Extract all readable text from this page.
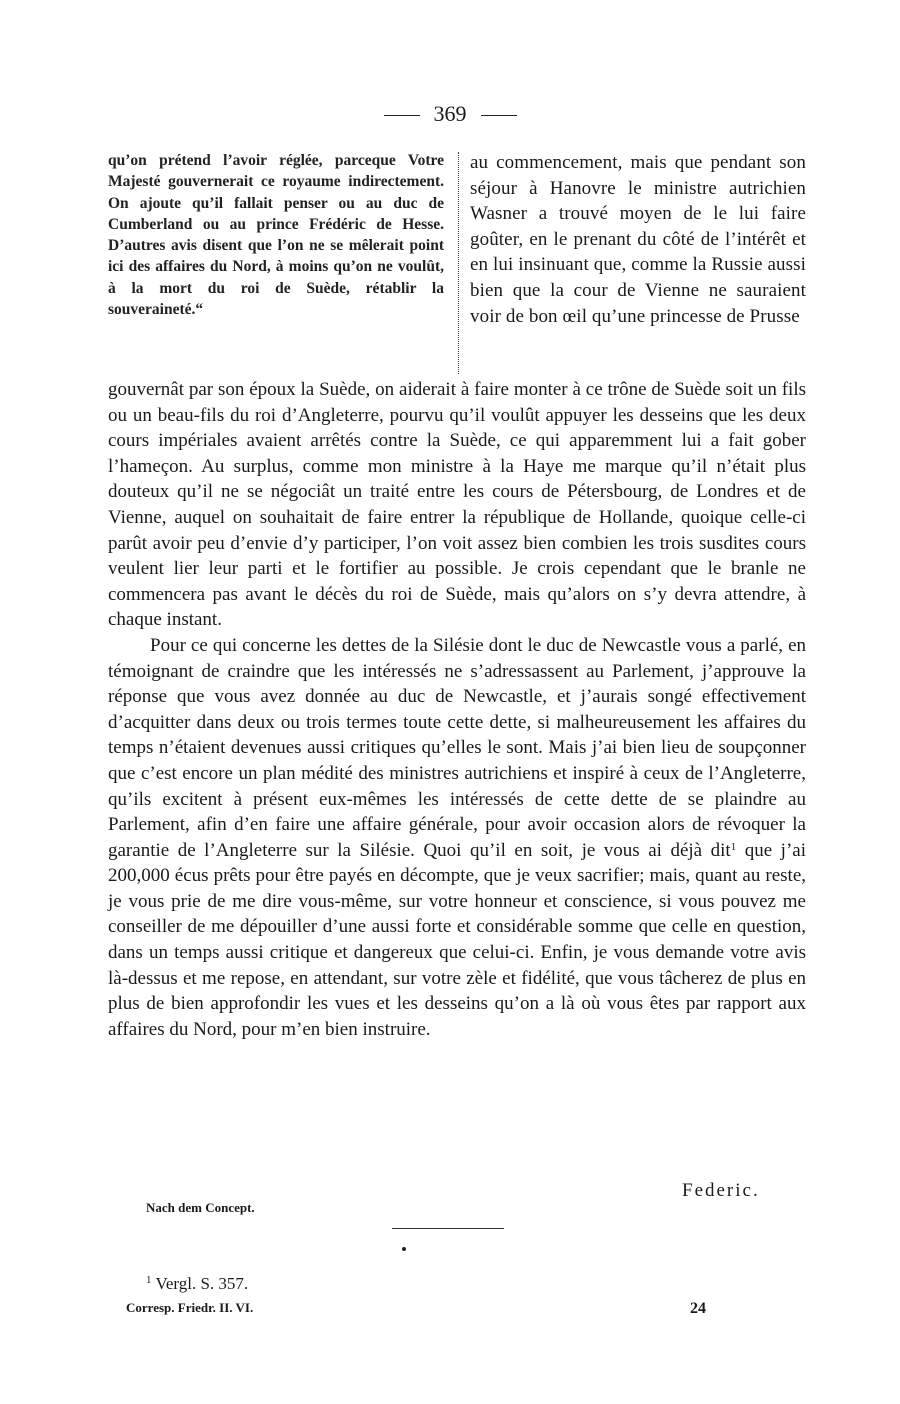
369

qu’on prétend l’avoir réglée, parceque Votre Majesté gouvernerait ce royaume indirectement. On ajoute qu’il fallait penser ou au duc de Cumberland ou au prince Frédéric de Hesse. D’autres avis disent que l’on ne se mêlerait point ici des affaires du Nord, à moins qu’on ne voulût, à la mort du roi de Suède, rétablir la souveraineté.“

au commencement, mais que pendant son séjour à Hanovre le ministre autrichien Wasner a trouvé moyen de le lui faire goûter, en le prenant du côté de l’intérêt et en lui insinuant que, comme la Russie aussi bien que la cour de Vienne ne sauraient voir de bon œil qu’une princesse de Prusse

gouvernât par son époux la Suède, on aiderait à faire monter à ce trône de Suède soit un fils ou un beau-fils du roi d’Angleterre, pourvu qu’il voulût appuyer les desseins que les deux cours impériales avaient arrêtés contre la Suède, ce qui apparemment lui a fait gober l’hameçon. Au surplus, comme mon ministre à la Haye me marque qu’il n’était plus douteux qu’il ne se négociât un traité entre les cours de Pétersbourg, de Londres et de Vienne, auquel on souhaitait de faire entrer la république de Hollande, quoique celle-ci parût avoir peu d’envie d’y participer, l’on voit assez bien combien les trois susdites cours veulent lier leur parti et le fortifier au possible. Je crois cependant que le branle ne commencera pas avant le décès du roi de Suède, mais qu’alors on s’y devra attendre, à chaque instant.

Pour ce qui concerne les dettes de la Silésie dont le duc de Newcastle vous a parlé, en témoignant de craindre que les intéressés ne s’adressassent au Parlement, j’approuve la réponse que vous avez donnée au duc de Newcastle, et j’aurais songé effectivement d’acquitter dans deux ou trois termes toute cette dette, si malheureusement les affaires du temps n’étaient devenues aussi critiques qu’elles le sont. Mais j’ai bien lieu de soupçonner que c’est encore un plan médité des ministres autrichiens et inspiré à ceux de l’Angleterre, qu’ils excitent à présent eux-mêmes les intéressés de cette dette de se plaindre au Parlement, afin d’en faire une affaire générale, pour avoir occasion alors de révoquer la garantie de l’Angleterre sur la Silésie. Quoi qu’il en soit, je vous ai déjà dit$^1$ que j’ai 200,000 écus prêts pour être payés en décompte, que je veux sacrifier; mais, quant au reste, je vous prie de me dire vous-même, sur votre honneur et conscience, si vous pouvez me conseiller de me dépouiller d’une aussi forte et considérable somme que celle en question, dans un temps aussi critique et dangereux que celui-ci. Enfin, je vous demande votre avis là-dessus et me repose, en attendant, sur votre zèle et fidélité, que vous tâcherez de plus en plus de bien approfondir les vues et les desseins qu’on a là où vous êtes par rapport aux affaires du Nord, pour m’en bien instruire.

Federic.
Nach dem Concept.
$^1$ Vergl. S. 357.
Corresp. Friedr. II. VI.	24
